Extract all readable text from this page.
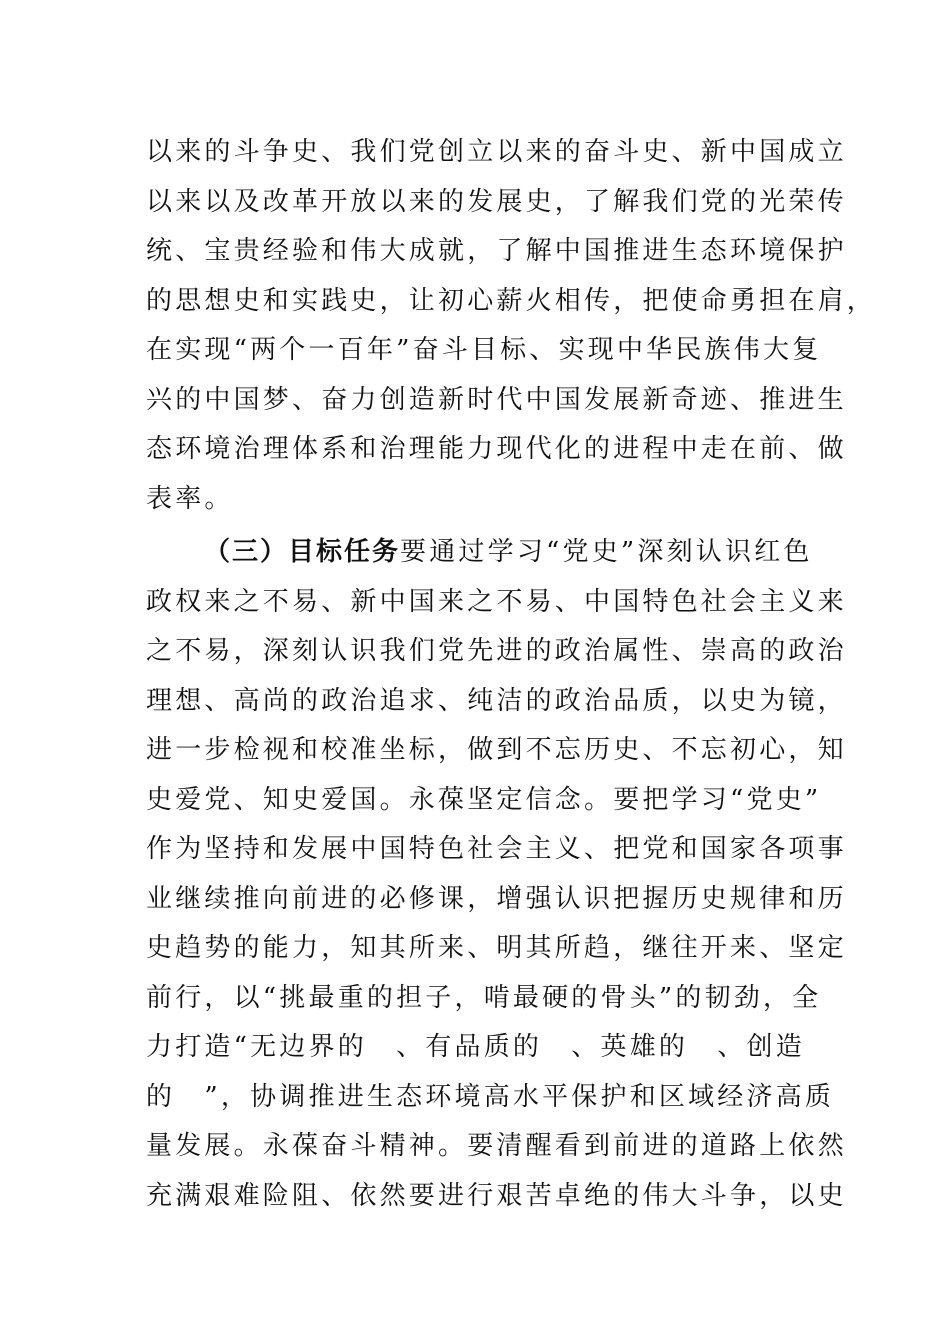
以来的斗争史、我们党创立以来的奋斗史、新中国成立
以来以及改革开放以来的发展史，了解我们党的光荣传
统、宝贵经验和伟大成就，了解中国推进生态环境保护
的思想史和实践史，让初心薪火相传，把使命勇担在肩，
在实现“两个一百年”奋斗目标、实现中华民族伟大复
兴的中国梦、奋力创造新时代中国发展新奇迹、推进生
态环境治理体系和治理能力现代化的进程中走在前、做
表率。
（三）目标任务要通过学习“党史”深刻认识红色
政权来之不易、新中国来之不易、中国特色社会主义来
之不易，深刻认识我们党先进的政治属性、崇高的政治
理想、高尚的政治追求、纯洁的政治品质，以史为镜，
进一步检视和校准坐标，做到不忘历史、不忘初心，知
史爱党、知史爱国。永葆坚定信念。要把学习“党史”
作为坚持和发展中国特色社会主义、把党和国家各项事
业继续推向前进的必修课，增强认识把握历史规律和历
史趋势的能力，知其所来、明其所趋，继往开来、坚定
前行，以“挑最重的担子，啃最硬的骨头”的韧劲，全
力打造“无边界的　、有品质的　、英雄的　、创造
的　”，协调推进生态环境高水平保护和区域经济高质
量发展。永葆奋斗精神。要清醒看到前进的道路上依然
充满艰难险阻、依然要进行艰苦卓绝的伟大斗争，以史
